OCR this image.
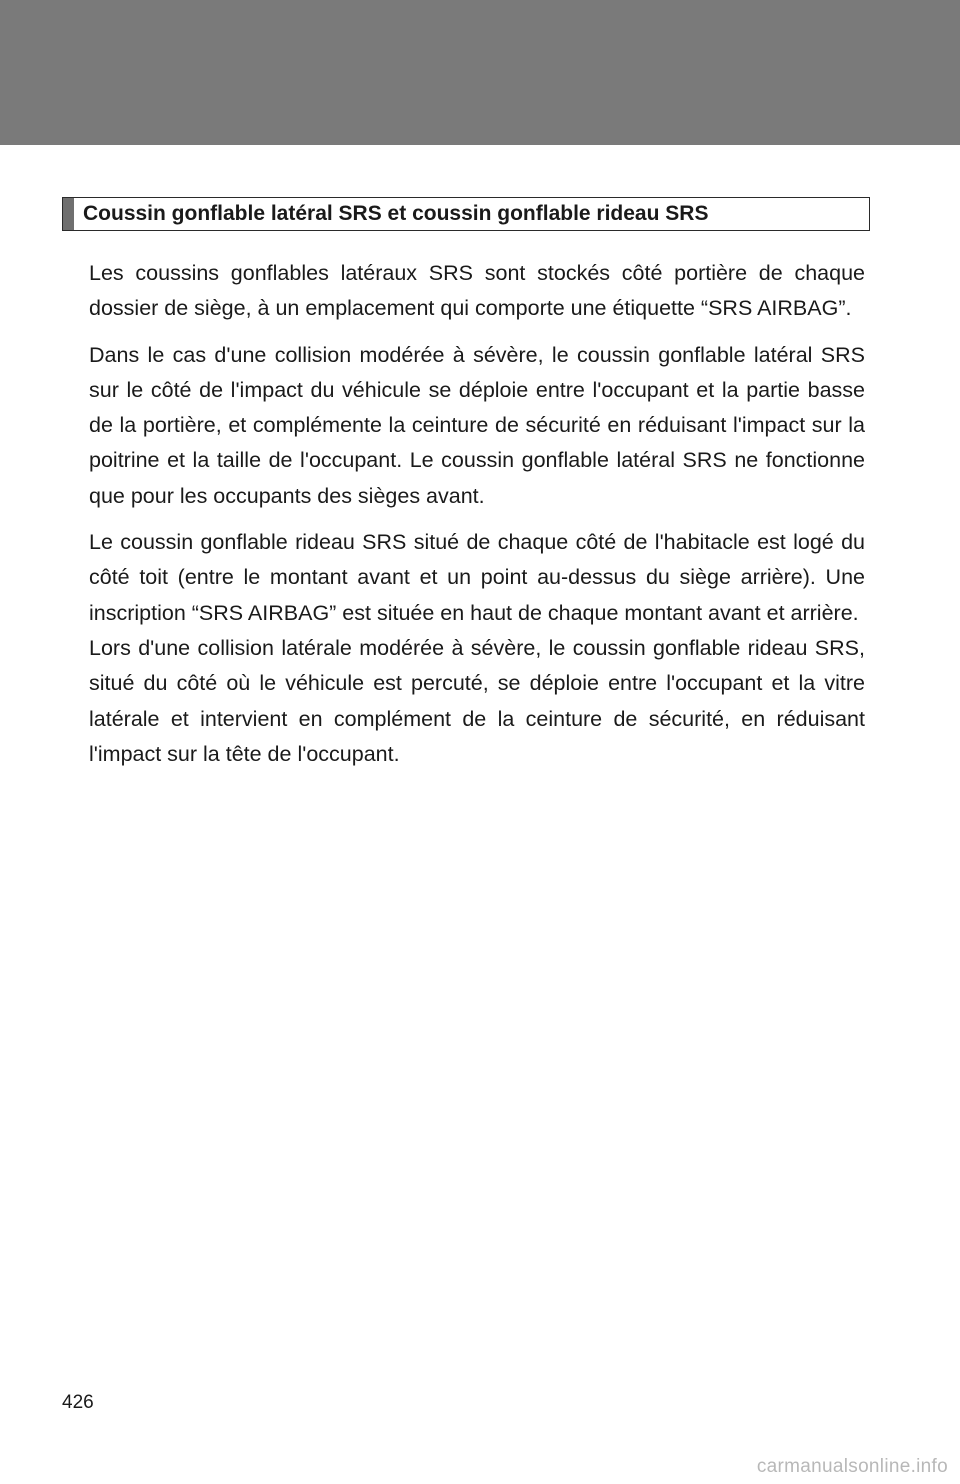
Coussin gonflable latéral SRS et coussin gonflable rideau SRS

Les coussins gonflables latéraux SRS sont stockés côté portière de chaque dossier de siège, à un emplacement qui comporte une étiquette “SRS AIRBAG”.

Dans le cas d'une collision modérée à sévère, le coussin gonflable latéral SRS sur le côté de l'impact du véhicule se déploie entre l'occupant et la partie basse de la portière, et complémente la ceinture de sécurité en réduisant l'impact sur la poitrine et la taille de l'occupant. Le coussin gonflable latéral SRS ne fonctionne que pour les occupants des sièges avant.

Le coussin gonflable rideau SRS situé de chaque côté de l'habitacle est logé du côté toit (entre le montant avant et un point au-dessus du siège arrière). Une inscription “SRS AIRBAG” est située en haut de chaque montant avant et arrière.

Lors d'une collision latérale modérée à sévère, le coussin gonflable rideau SRS, situé du côté où le véhicule est percuté, se déploie entre l'occupant et la vitre latérale et intervient en complément de la ceinture de sécurité, en réduisant l'impact sur la tête de l'occupant.

426
carmanualsonline.info
